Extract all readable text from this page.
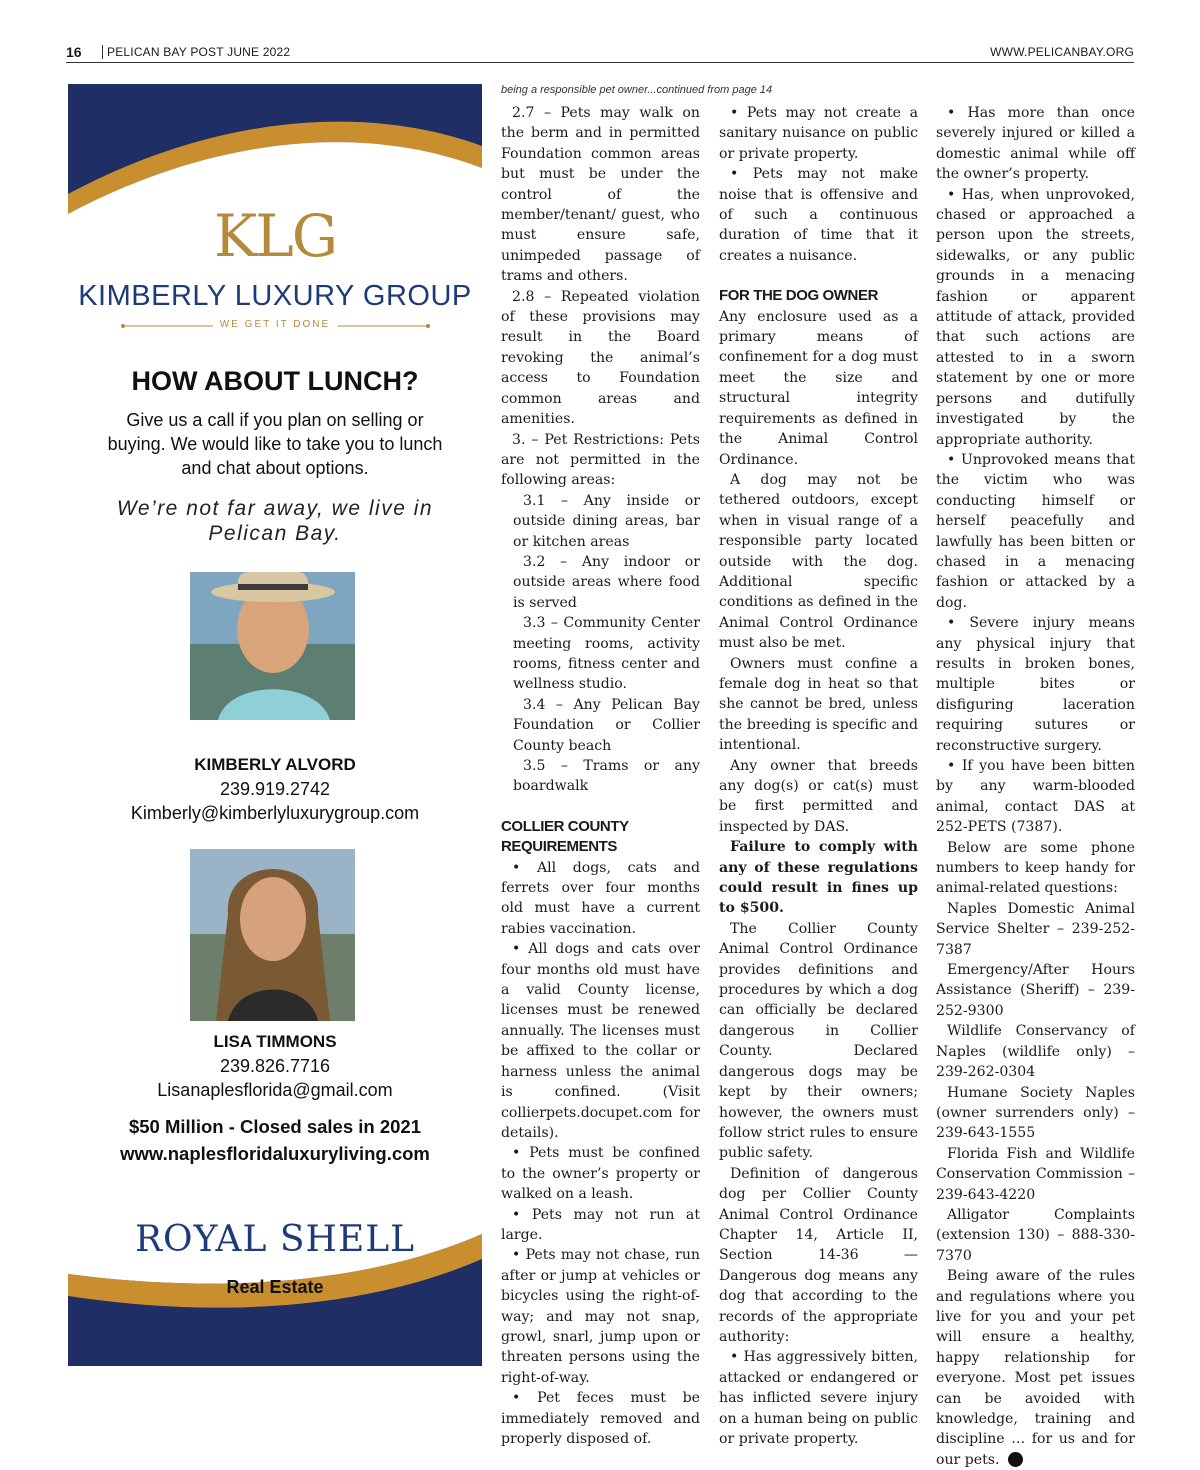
16	PELICAN BAY POST JUNE 2022	WWW.PELICANBAY.ORG
KLG
KIMBERLY LUXURY GROUP
WE GET IT DONE
HOW ABOUT LUNCH?
Give us a call if you plan on selling or buying. We would like to take you to lunch and chat about options.
We’re not far away, we live in Pelican Bay.
KIMBERLY ALVORD
239.919.2742
Kimberly@kimberlyluxurygroup.com
LISA TIMMONS
239.826.7716
Lisanaplesflorida@gmail.com
$50 Million - Closed sales in 2021
www.naplesfloridaluxuryliving.com
ROYAL SHELL
Real Estate
being a responsible pet owner...continued from page 14

2.7 – Pets may walk on the berm and in permitted Foundation common areas but must be under the control of the member/tenant/ guest, who must ensure safe, unimpeded passage of trams and others.

2.8 – Repeated violation of these provisions may result in the Board revoking the animal’s access to Foundation common areas and amenities.

3. – Pet Restrictions: Pets are not permitted in the following areas:

3.1 – Any inside or outside dining areas, bar or kitchen areas

3.2 – Any indoor or outside areas where food is served

3.3 – Community Center meeting rooms, activity rooms, fitness center and wellness studio.

3.4 – Any Pelican Bay Foundation or Collier County beach

3.5 – Trams or any boardwalk

COLLIER COUNTY REQUIREMENTS

• All dogs, cats and ferrets over four months old must have a current rabies vaccination.

• All dogs and cats over four months old must have a valid County license, licenses must be renewed annually. The licenses must be affixed to the collar or harness unless the animal is confined. (Visit collierpets.docupet.com for details).

• Pets must be confined to the owner’s property or walked on a leash.

• Pets may not run at large.

• Pets may not chase, run after or jump at vehicles or bicycles using the right-of-way; and may not snap, growl, snarl, jump upon or threaten persons using the right-of-way.

• Pet feces must be immediately removed and properly disposed of.

• Pets may not create a sanitary nuisance on public or private property.

• Pets may not make noise that is offensive and of such a continuous duration of time that it creates a nuisance.

FOR THE DOG OWNER

Any enclosure used as a primary means of confinement for a dog must meet the size and structural integrity requirements as defined in the Animal Control Ordinance.

A dog may not be tethered outdoors, except when in visual range of a responsible party located outside with the dog. Additional specific conditions as defined in the Animal Control Ordinance must also be met.

Owners must confine a female dog in heat so that she cannot be bred, unless the breeding is specific and intentional.

Any owner that breeds any dog(s) or cat(s) must be first permitted and inspected by DAS.

Failure to comply with any of these regulations could result in fines up to $500.

The Collier County Animal Control Ordinance provides definitions and procedures by which a dog can officially be declared dangerous in Collier County. Declared dangerous dogs may be kept by their owners; however, the owners must follow strict rules to ensure public safety.

Definition of dangerous dog per Collier County Animal Control Ordinance Chapter 14, Article II, Section 14-36 — Dangerous dog means any dog that according to the records of the appropriate authority:

• Has aggressively bitten, attacked or endangered or has inflicted severe injury on a human being on public or private property.

• Has more than once severely injured or killed a domestic animal while off the owner’s property.

• Has, when unprovoked, chased or approached a person upon the streets, sidewalks, or any public grounds in a menacing fashion or apparent attitude of attack, provided that such actions are attested to in a sworn statement by one or more persons and dutifully investigated by the appropriate authority.

• Unprovoked means that the victim who was conducting himself or herself peacefully and lawfully has been bitten or chased in a menacing fashion or attacked by a dog.

• Severe injury means any physical injury that results in broken bones, multiple bites or disfiguring laceration requiring sutures or reconstructive surgery.

• If you have been bitten by any warm-blooded animal, contact DAS at 252-PETS (7387).

Below are some phone numbers to keep handy for animal-related questions:

Naples Domestic Animal Service Shelter – 239-252-7387

Emergency/After Hours Assistance (Sheriff) – 239-252-9300

Wildlife Conservancy of Naples (wildlife only) – 239-262-0304

Humane Society Naples (owner surrenders only) – 239-643-1555

Florida Fish and Wildlife Conservation Commission – 239-643-4220

Alligator Complaints (extension 130) – 888-330-7370

Being aware of the rules and regulations where you live for you and your pet will ensure a healthy, happy relationship for everyone. Most pet issues can be avoided with knowledge, training and discipline … for us and for our pets.
